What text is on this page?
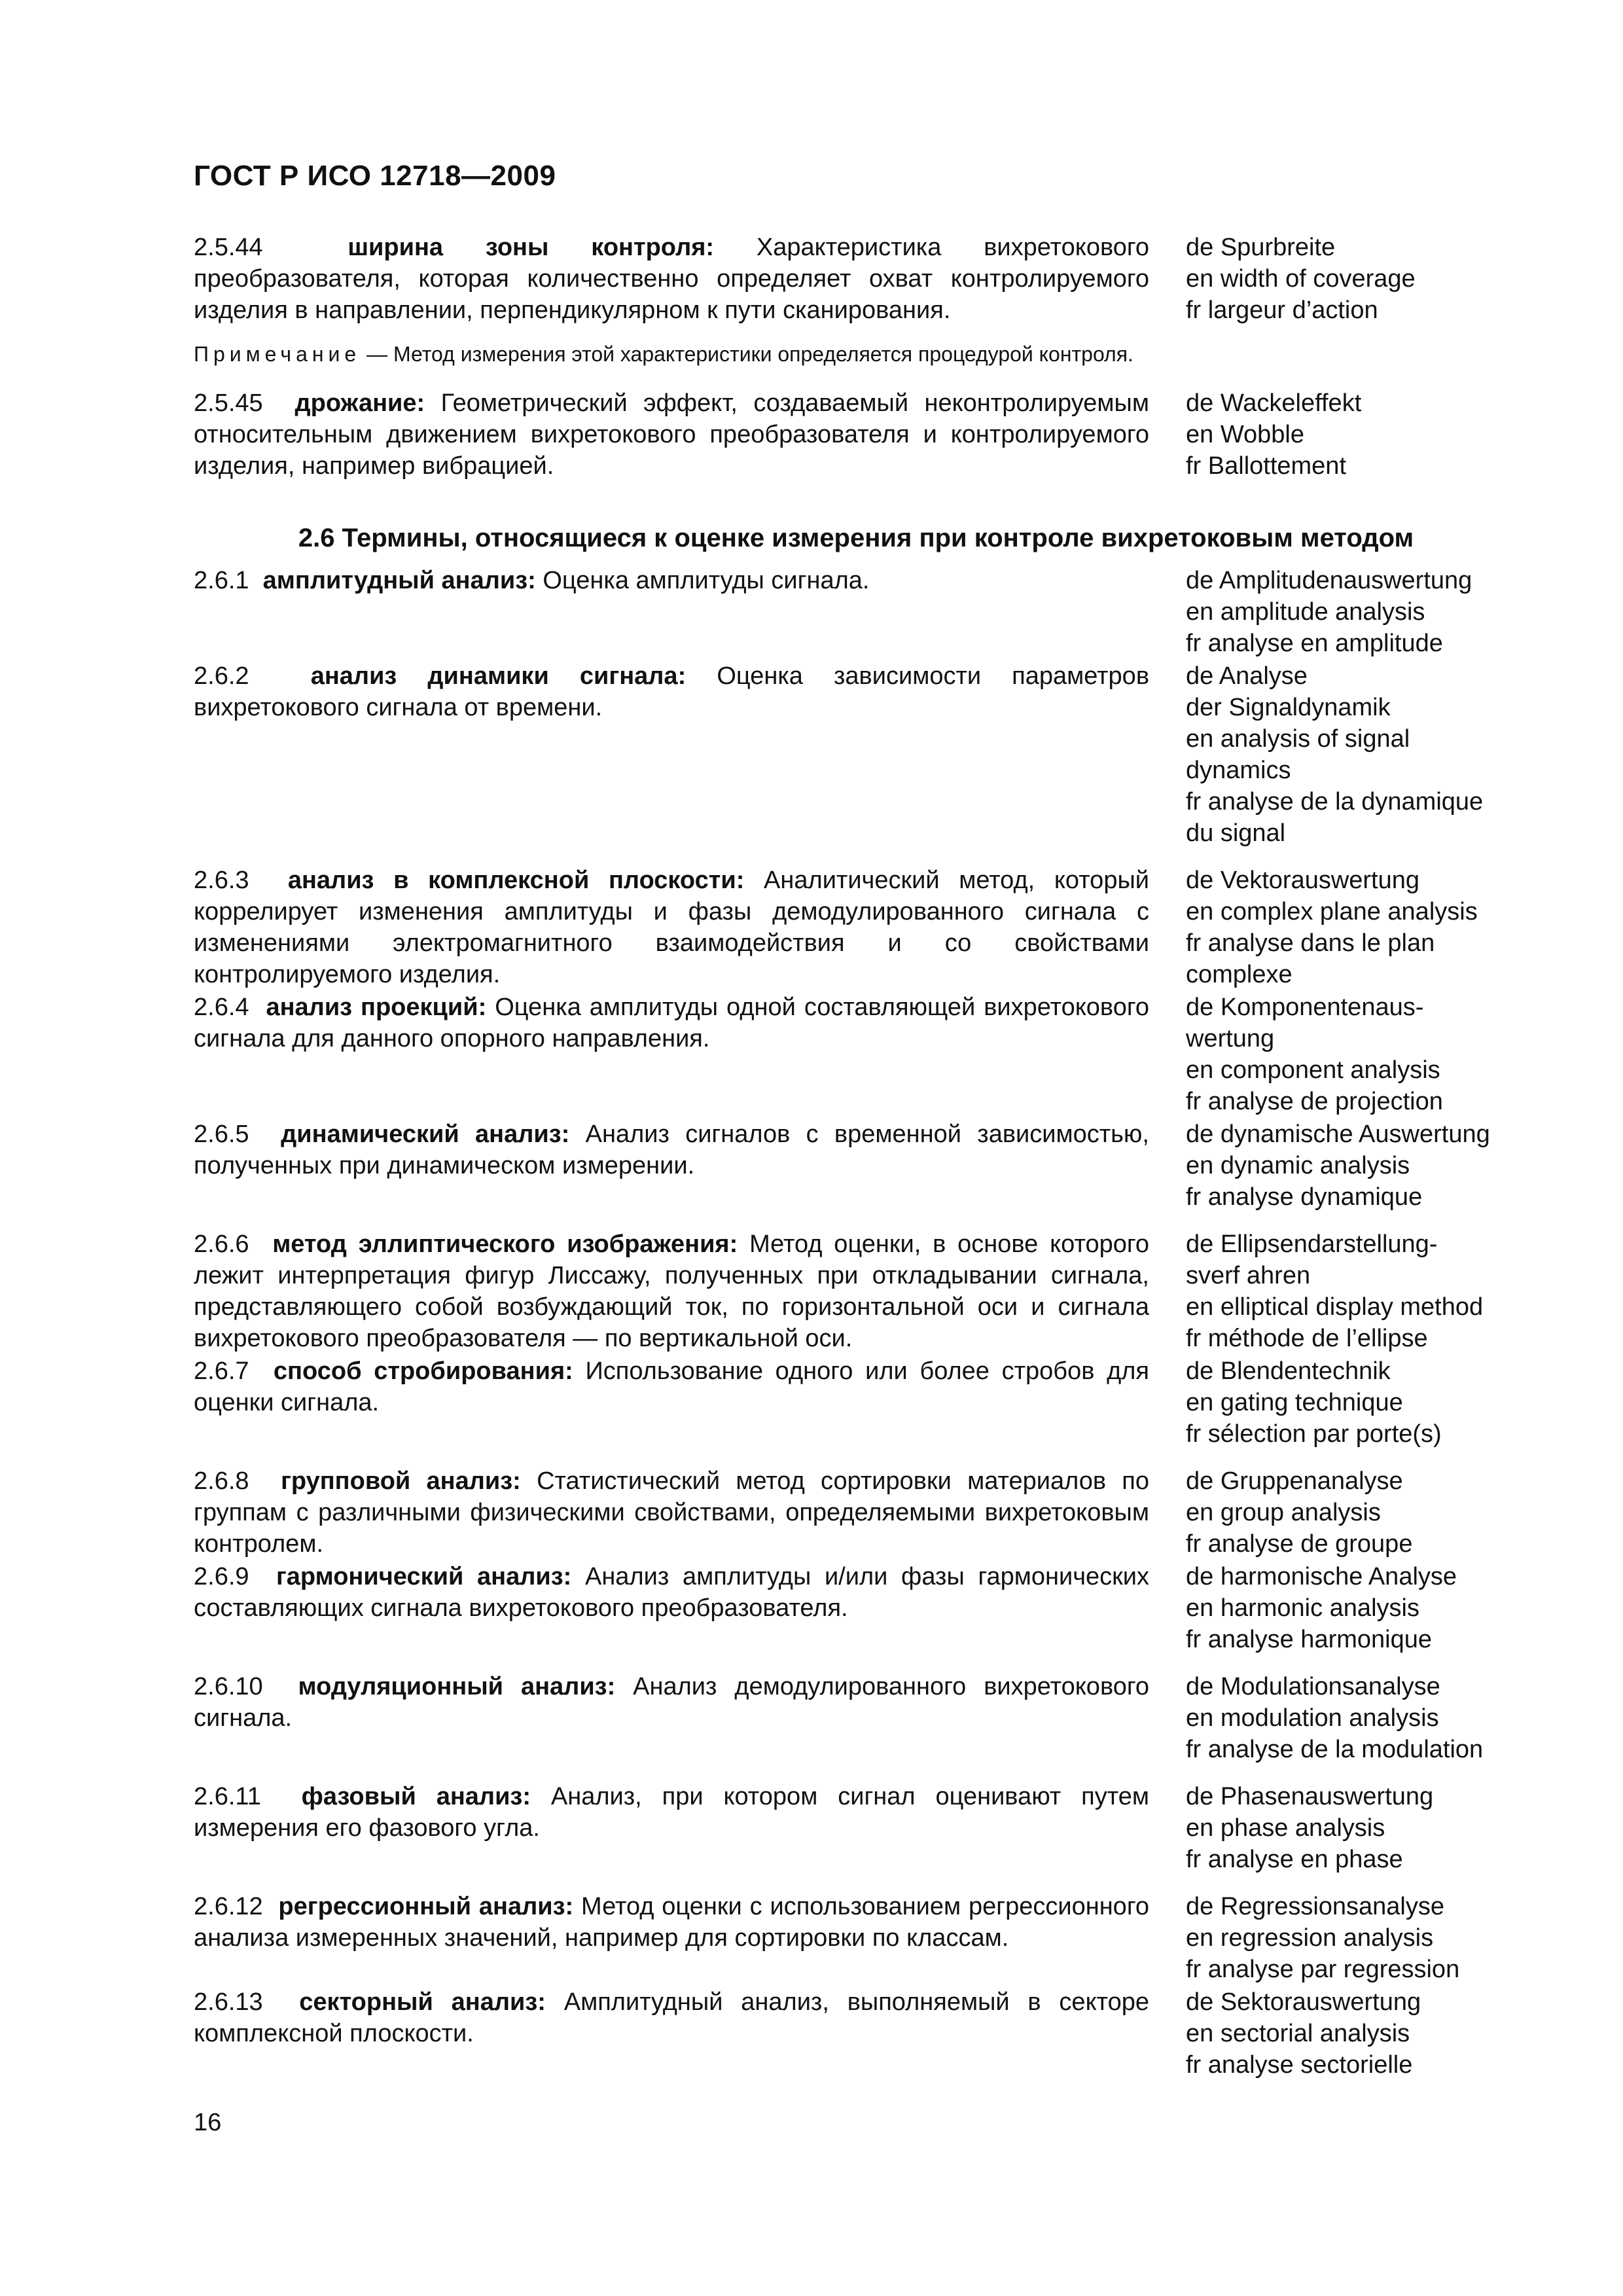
ГОСТ Р ИСО 12718—2009
2.5.44	ширина зоны контроля: Характеристика вихретокового преобразователя, которая количественно определяет охват контролируемого изделия в направлении, перпендикулярном к пути сканирования.
de Spurbreite
en width of coverage
fr largeur d’action
Примечание — Метод измерения этой характеристики определяется процедурой контроля.
2.5.45 дрожание: Геометрический эффект, создаваемый неконтролируемым относительным движением вихретокового преобразователя и контролируемого изделия, например вибрацией.
de Wackeleffekt
en Wobble
fr Ballottement
2.6 Термины, относящиеся к оценке измерения при контроле вихретоковым методом
2.6.1 амплитудный анализ: Оценка амплитуды сигнала.	de Amplitudenauswertung
en amplitude analysis
fr analyse en amplitude
2.6.2 анализ динамики сигнала: Оценка зависимости параметров вихретокового сигнала от времени.
de Analyse
der Signaldynamik
en analysis of signal
dynamics
fr analyse de la dynamique
du signal
2.6.3 анализ в комплексной плоскости: Аналитический метод, который коррелирует изменения амплитуды и фазы демодулированного сигнала с изменениями электромагнитного взаимодействия и со свойствами контролируемого изделия.
de Vektorauswertung
en complex plane analysis
fr analyse dans le plan
complexe
2.6.4 анализ проекций: Оценка амплитуды одной составляющей вихретокового сигнала для данного опорного направления.
de Komponentenaus-
wertung
en component analysis
fr analyse de projection
2.6.5 динамический анализ: Анализ сигналов с временной зависимостью, полученных при динамическом измерении.
de dynamische Auswertung
en dynamic analysis
fr analyse dynamique
2.6.6 метод эллиптического изображения: Метод оценки, в основе которого лежит интерпретация фигур Лиссажу, полученных при откладывании сигнала, представляющего собой возбуждающий ток, по горизонтальной оси и сигнала вихретокового преобразователя — по вертикальной оси.
de Ellipsendarstellung-
sverf ahren
en elliptical display method
fr méthode de l’ellipse
2.6.7 способ стробирования: Использование одного или более стробов для оценки сигнала.
de Blendentechnik
en gating technique
fr sélection par porte(s)
2.6.8 групповой анализ: Статистический метод сортировки материалов по группам с различными физическими свойствами, определяемыми вихретоковым контролем.
de Gruppenanalyse
en group analysis
fr analyse de groupe
2.6.9 гармонический анализ: Анализ амплитуды и/или фазы гармонических составляющих сигнала вихретокового преобразователя.
de harmonische Analyse
en harmonic analysis
fr analyse harmonique
2.6.10 модуляционный анализ: Анализ демодулированного вихретокового сигнала.
de Modulationsanalyse
en modulation analysis
fr analyse de la modulation
2.6.11 фазовый анализ: Анализ, при котором сигнал оценивают путем измерения его фазового угла.
de Phasenauswertung
en phase analysis
fr analyse en phase
2.6.12 регрессионный анализ: Метод оценки с использованием регрессионного анализа измеренных значений, например для сортировки по классам.
de Regressionsanalyse
en regression analysis
fr analyse par regression
2.6.13 секторный анализ: Амплитудный анализ, выполняемый в секторе комплексной плоскости.
de Sektorauswertung
en sectorial analysis
fr analyse sectorielle
16
